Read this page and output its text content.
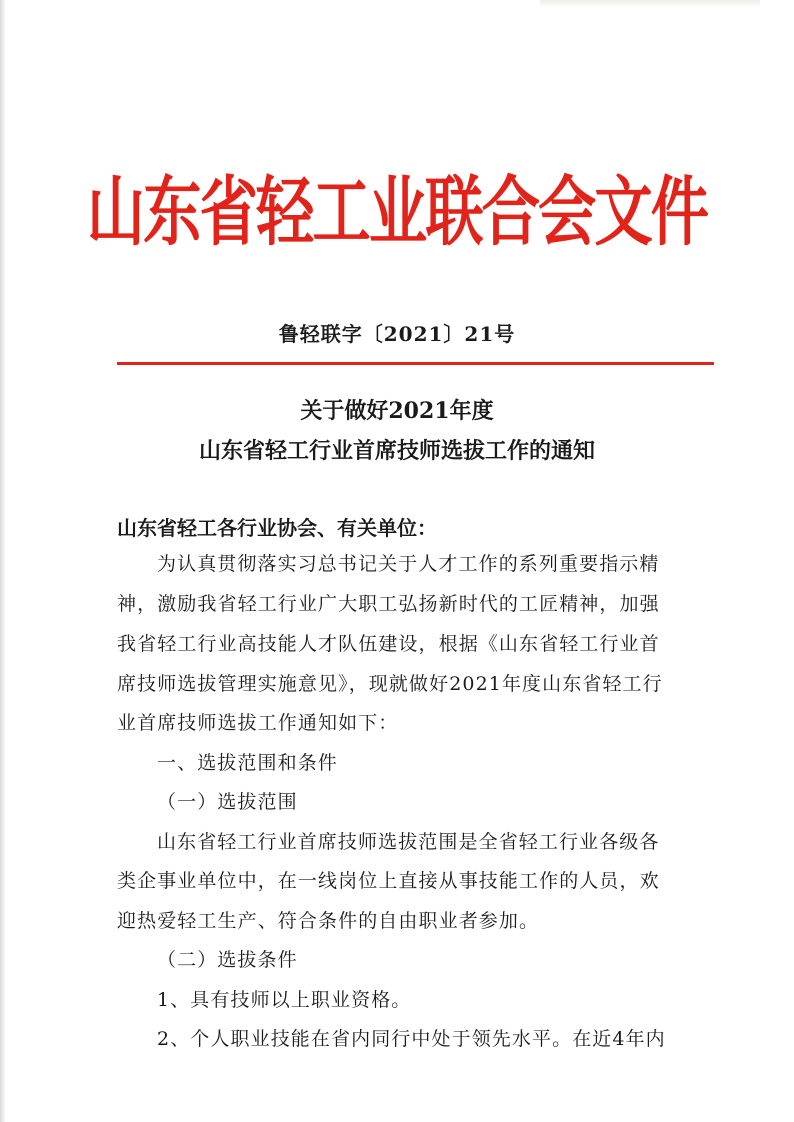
山东省轻工业联合会文件
鲁轻联字〔2021〕21号
关于做好2021年度
山东省轻工行业首席技师选拔工作的通知
山东省轻工各行业协会、有关单位：
为认真贯彻落实习总书记关于人才工作的系列重要指示精
神，激励我省轻工行业广大职工弘扬新时代的工匠精神，加强
我省轻工行业高技能人才队伍建设，根据《山东省轻工行业首
席技师选拔管理实施意见》，现就做好2021年度山东省轻工行
业首席技师选拔工作通知如下：
一、选拔范围和条件
（一）选拔范围
山东省轻工行业首席技师选拔范围是全省轻工行业各级各
类企事业单位中，在一线岗位上直接从事技能工作的人员，欢
迎热爱轻工生产、符合条件的自由职业者参加。
（二）选拔条件
1、具有技师以上职业资格。
2、个人职业技能在省内同行中处于领先水平。在近4年内
